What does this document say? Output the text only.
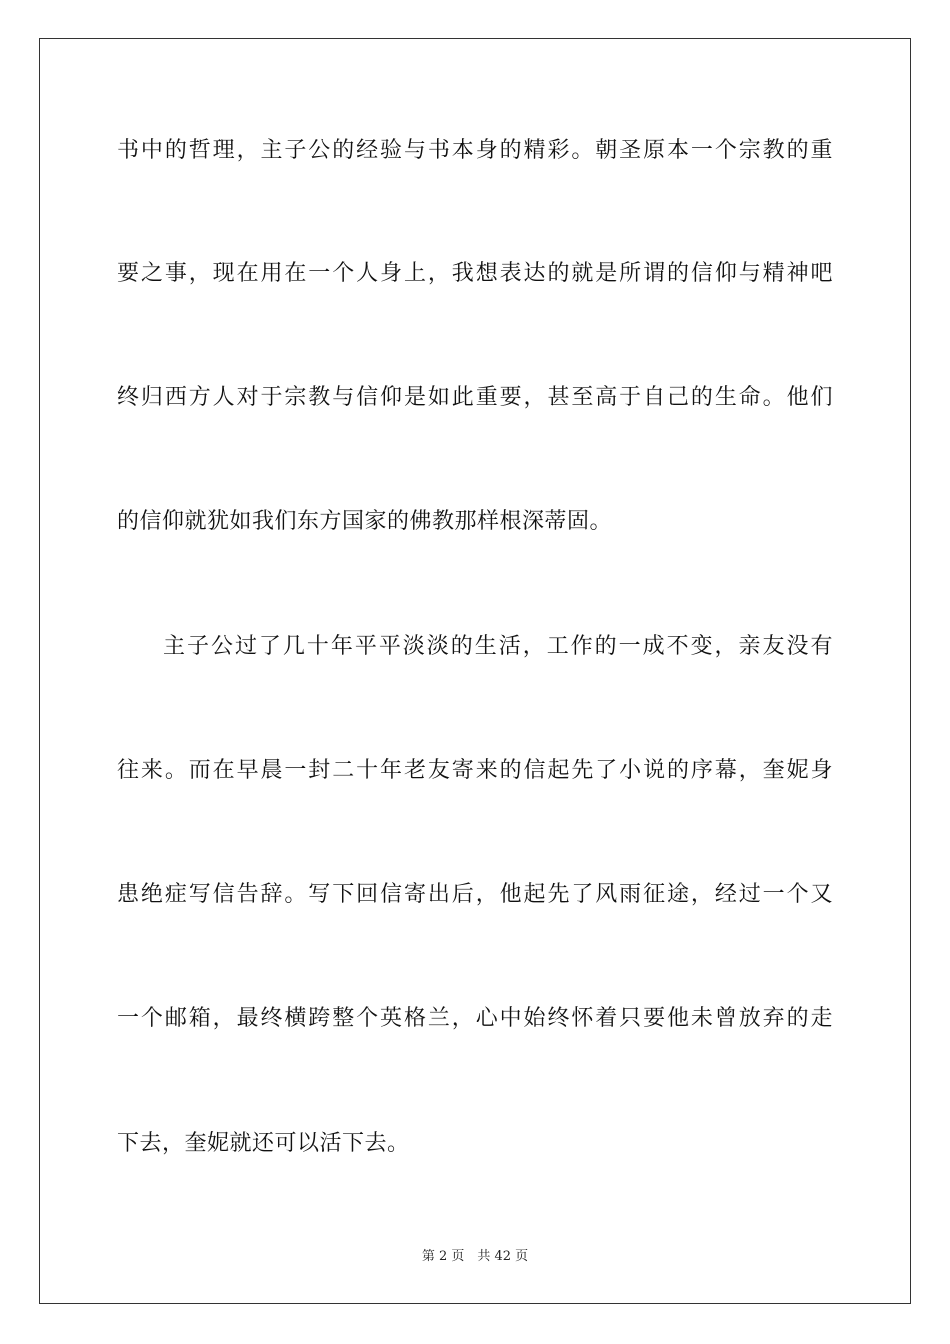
书中的哲理，主子公的经验与书本身的精彩。朝圣原本一个宗教的重
要之事，现在用在一个人身上，我想表达的就是所谓的信仰与精神吧
终归西方人对于宗教与信仰是如此重要，甚至高于自己的生命。他们
的信仰就犹如我们东方国家的佛教那样根深蒂固。
主子公过了几十年平平淡淡的生活，工作的一成不变，亲友没有
往来。而在早晨一封二十年老友寄来的信起先了小说的序幕，奎妮身
患绝症写信告辞。写下回信寄出后，他起先了风雨征途，经过一个又
一个邮箱，最终横跨整个英格兰，心中始终怀着只要他未曾放弃的走
下去，奎妮就还可以活下去。
第 2 页　共 42 页
